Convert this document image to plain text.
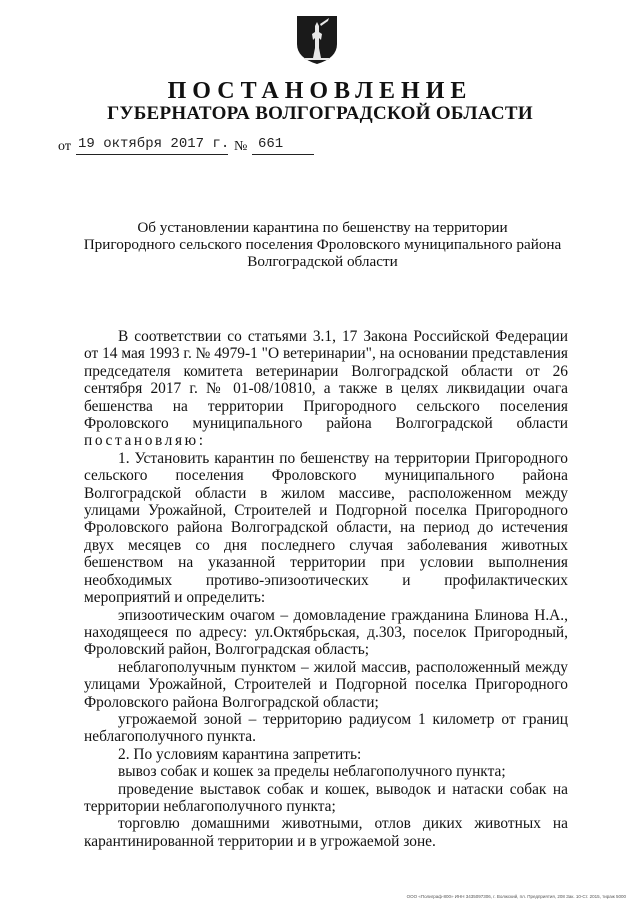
ПОСТАНОВЛЕНИЕ
ГУБЕРНАТОРА ВОЛГОГРАДСКОЙ ОБЛАСТИ
от 19 октября 2017 г. № 661
Об установлении карантина по бешенству на территории
Пригородного сельского поселения Фроловского муниципального района
Волгоградской области

В соответствии со статьями 3.1, 17 Закона Российской Федерации от 14 мая 1993 г. № 4979-1 "О ветеринарии", на основании представления председателя комитета ветеринарии Волгоградской области от 26 сентября 2017 г. № 01-08/10810, а также в целях ликвидации очага бешенства на территории Пригородного сельского поселения Фроловского муниципального района Волгоградской области постановляю:

1. Установить карантин по бешенству на территории Пригородного сельского поселения Фроловского муниципального района Волгоградской области в жилом массиве, расположенном между улицами Урожайной, Строителей и Подгорной поселка Пригородного Фроловского района Волгоградской области, на период до истечения двух месяцев со дня последнего случая заболевания животных бешенством на указанной территории при условии выполнения необходимых противо-эпизоотических и профилактических мероприятий и определить:

эпизоотическим очагом – домовладение гражданина Блинова Н.А., находящееся по адресу: ул.Октябрьская, д.303, поселок Пригородный, Фроловский район, Волгоградская область;

неблагополучным пунктом – жилой массив, расположенный между улицами Урожайной, Строителей и Подгорной поселка Пригородного Фроловского района Волгоградской области;

угрожаемой зоной – территорию радиусом 1 километр от границ неблагополучного пункта.

2. По условиям карантина запретить:

вывоз собак и кошек за пределы неблагополучного пункта;

проведение выставок собак и кошек, выводок и натаски собак на территории неблагополучного пункта;

торговлю домашними животными, отлов диких животных на карантинированной территории и в угрожаемой зоне.

ООО «Полиграф-800» ИНН 3435097306, г. Волжский, пл. Предприятия, 208 Зак. 10-Ст. 2015, тираж 5000
